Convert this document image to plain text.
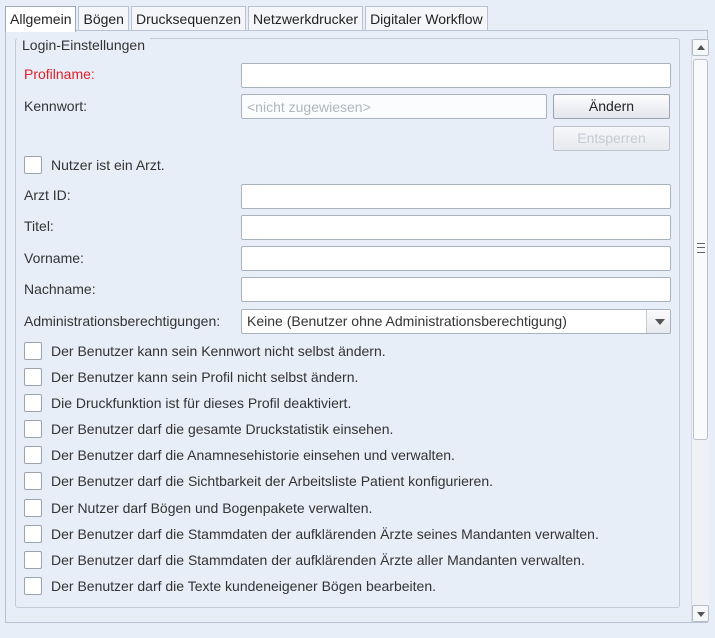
Allgemein Bögen Drucksequenzen Netzwerkdrucker Digitaler Workflow
Login-Einstellungen
Profilname:
Kennwort:
<nicht zugewiesen>	Ändern
Entsperren
Nutzer ist ein Arzt.
Arzt ID:
Titel:
Vorname:
Nachname:
Administrationsberechtigungen:	Keine (Benutzer ohne Administrationsberechtigung)
Der Benutzer kann sein Kennwort nicht selbst ändern.
Der Benutzer kann sein Profil nicht selbst ändern.
Die Druckfunktion ist für dieses Profil deaktiviert.
Der Benutzer darf die gesamte Druckstatistik einsehen.
Der Benutzer darf die Anamnesehistorie einsehen und verwalten.
Der Benutzer darf die Sichtbarkeit der Arbeitsliste Patient konfigurieren.
Der Nutzer darf Bögen und Bogenpakete verwalten.
Der Benutzer darf die Stammdaten der aufklärenden Ärzte seines Mandanten verwalten.
Der Benutzer darf die Stammdaten der aufklärenden Ärzte aller Mandanten verwalten.
Der Benutzer darf die Texte kundeneigener Bögen bearbeiten.
